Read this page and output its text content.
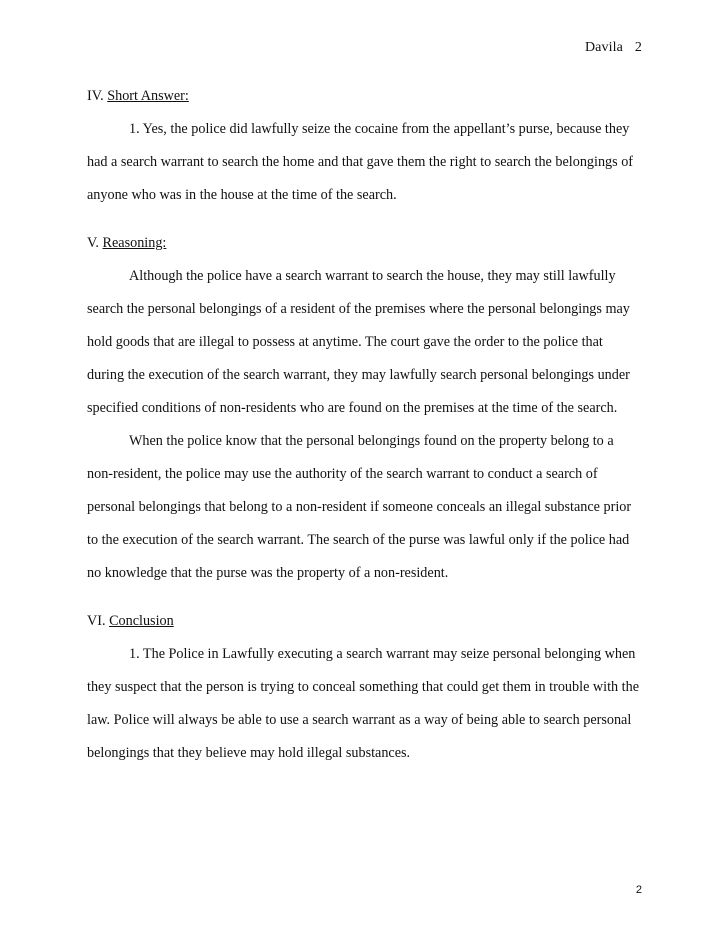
Davila 2

IV. Short Answer:

1. Yes, the police did lawfully seize the cocaine from the appellant’s purse, because they
had a search warrant to search the home and that gave them the right to search the belongings of
anyone who was in the house at the time of the search.

V. Reasoning:

Although the police have a search warrant to search the house, they may still lawfully
search the personal belongings of a resident of the premises where the personal belongings may
hold goods that are illegal to possess at anytime. The court gave the order to the police that
during the execution of the search warrant, they may lawfully search personal belongings under
specified conditions of non-residents who are found on the premises at the time of the search.
When the police know that the personal belongings found on the property belong to a
non-resident, the police may use the authority of the search warrant to conduct a search of
personal belongings that belong to a non-resident if someone conceals an illegal substance prior
to the execution of the search warrant. The search of the purse was lawful only if the police had
no knowledge that the purse was the property of a non-resident.

VI. Conclusion

1. The Police in Lawfully executing a search warrant may seize personal belonging when
they suspect that the person is trying to conceal something that could get them in trouble with the
law. Police will always be able to use a search warrant as a way of being able to search personal
belongings that they believe may hold illegal substances.
2
